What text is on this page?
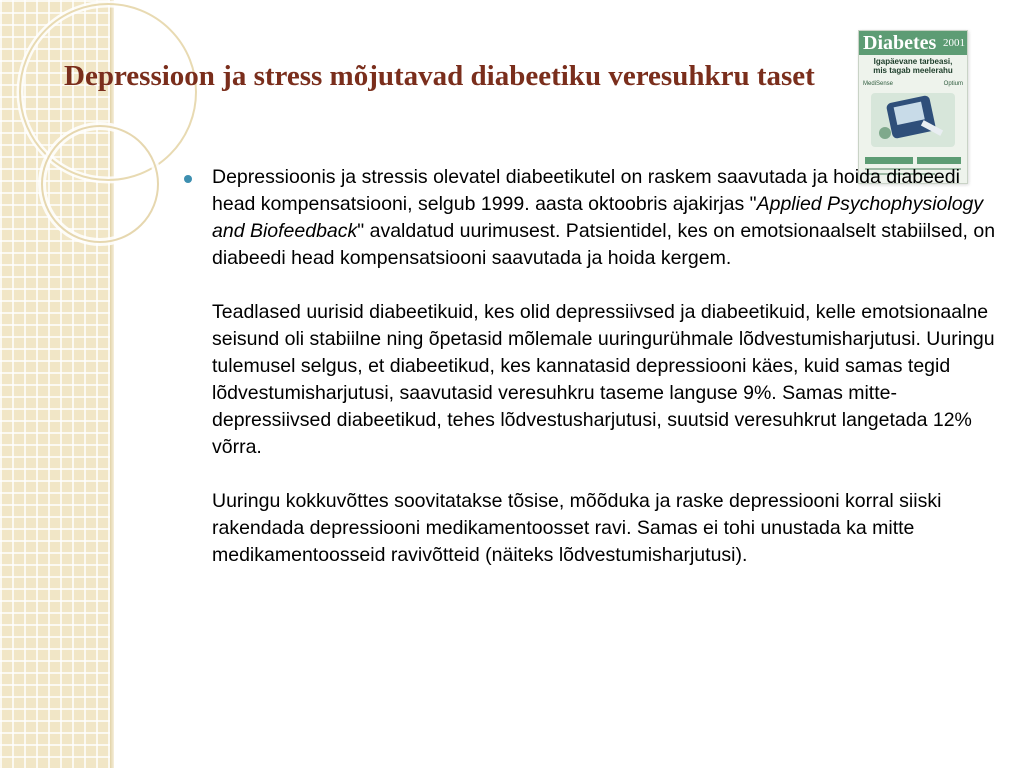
Depressioon ja stress mõjutavad diabeetiku veresuhkru taset
Diabetes 2001
Igapäevane tarbeasi,
mis tagab meelerahu
MediSense	Optium

Depressioonis ja stressis olevatel diabeetikutel on raskem saavutada ja hoida diabeedi head kompensatsiooni, selgub 1999. aasta oktoobris ajakirjas "Applied Psychophysiology and Biofeedback" avaldatud uurimusest. Patsientidel, kes on emotsionaalselt stabiilsed, on diabeedi head kompensatsiooni saavutada ja hoida kergem.

Teadlased uurisid diabeetikuid, kes olid depressiivsed ja diabeetikuid, kelle emotsionaalne seisund oli stabiilne ning õpetasid mõlemale uuringurühmale lõdvestumisharjutusi. Uuringu tulemusel selgus, et diabeetikud, kes kannatasid depressiooni käes, kuid samas tegid lõdvestumisharjutusi, saavutasid veresuhkru taseme languse 9%. Samas mitte-depressiivsed diabeetikud, tehes lõdvestusharjutusi, suutsid veresuhkrut langetada 12% võrra.

Uuringu kokkuvõttes soovitatakse tõsise, mõõduka ja raske depressiooni korral siiski rakendada depressiooni medikamentoosset ravi. Samas ei tohi unustada ka mitte medikamentoosseid ravivõtteid (näiteks lõdvestumisharjutusi).
